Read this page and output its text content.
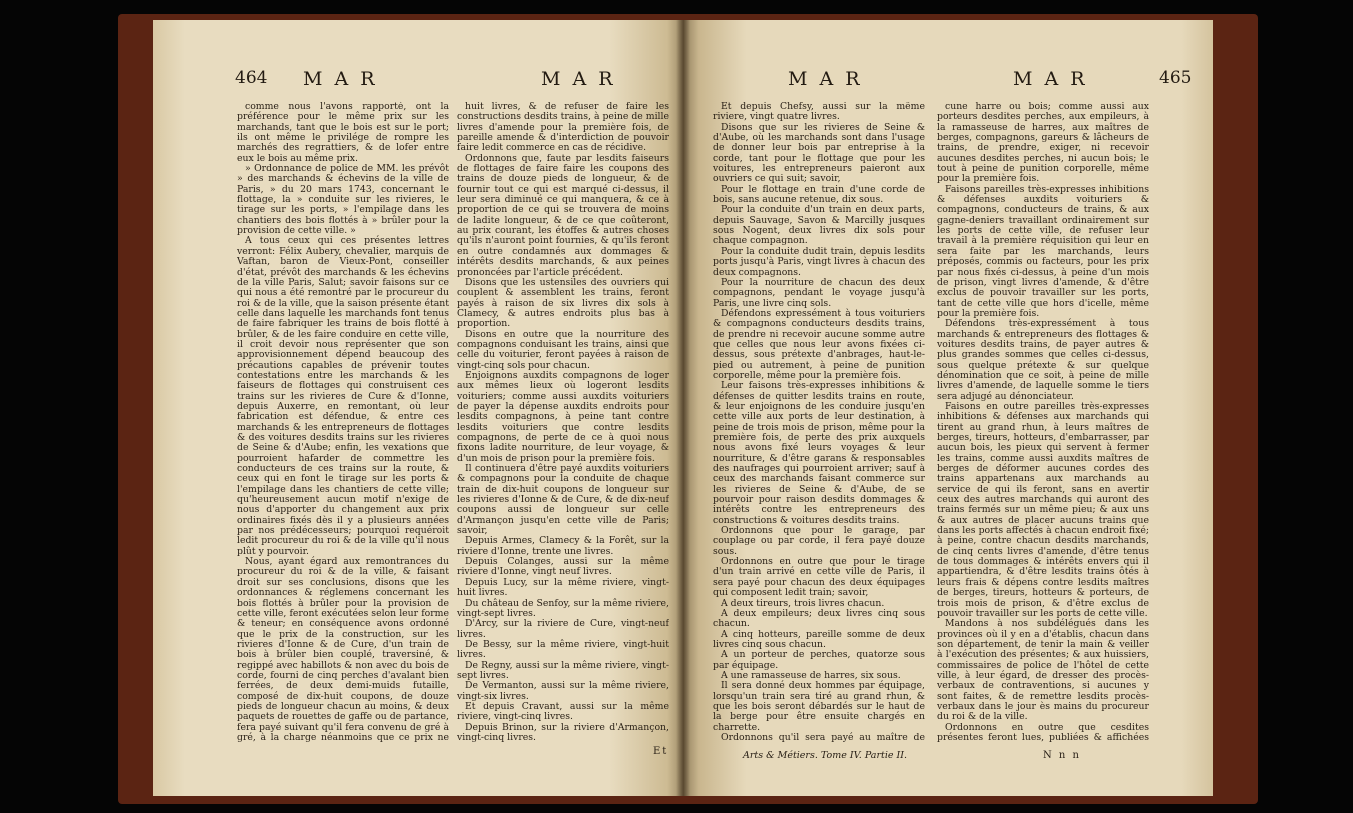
464 M A R	M A R

comme nous l'avons rapporté, ont la préférence pour le même prix sur les marchands, tant que le bois est sur le port; ils ont même le privilége de rompre les marchés des regrattiers, & de lofer entre eux le bois au même prix.

» Ordonnance de police de MM. les prévôt » des marchands & échevins de la ville de Paris, » du 20 mars 1743, concernant le flottage, la » conduite sur les rivieres, le tirage sur les ports, » l'empilage dans les chantiers des bois flottés à » brûler pour la provision de cette ville. »

A tous ceux qui ces présentes lettres verront: Félix Aubery, chevalier, marquis de Vaftan, baron de Vieux-Pont, conseiller d'état, prévôt des marchands & les échevins de la ville Paris, Salut; savoir faisons sur ce qui nous a été remontré par le procureur du roi & de la ville, que la saison présente étant celle dans laquelle les marchands font tenus de faire fabriquer les trains de bois flotté à brûler, & de les faire conduire en cette ville, il croit devoir nous représenter que son approvisionnement dépend beaucoup des précautions capables de prévenir toutes contestations entre les marchands & les faiseurs de flottages qui construisent ces trains sur les rivieres de Cure & d'Ionne, depuis Auxerre, en remontant, où leur fabrication est défendue, & entre ces marchands & les entrepreneurs de flottages & des voitures desdits trains sur les rivieres de Seine & d'Aube; enfin, les vexations que pourroient hafarder de commettre les conducteurs de ces trains sur la route, & ceux qui en font le tirage sur les ports & l'empilage dans les chantiers de cette ville; qu'heureusement aucun motif n'exige de nous d'apporter du changement aux prix ordinaires fixés dès il y a plusieurs années par nos prédécesseurs; pourquoi requéroit ledit procureur du roi & de la ville qu'il nous plût y pourvoir.

Nous, ayant égard aux remontrances du procureur du roi & de la ville, & faisant droit sur ses conclusions, disons que les ordonnances & réglemens concernant les bois flottés à brûler pour la provision de cette ville, feront exécutées selon leur forme & teneur; en conséquence avons ordonné que le prix de la construction, sur les rivieres d'Ionne & de Cure, d'un train de bois à brûler bien couplé, traversiné, & regippé avec habillots & non avec du bois de corde, fourni de cinq perches d'avalant bien ferrées, de deux demi-muids futaille, composé de dix-huit coupons, de douze pieds de longueur chacun au moins, & deux paquets de rouettes de gaffe ou de partance, fera payé suivant qu'il fera convenu de gré à gré, à la charge néanmoins que ce prix ne

huit livres, & de refuser de faire les constructions desdits trains, à peine de mille livres d'amende pour la première fois, de pareille amende & d'interdiction de pouvoir faire ledit commerce en cas de récidive.

Ordonnons que, faute par lesdits faiseurs de flottages de faire faire les coupons des trains de douze pieds de longueur, & de fournir tout ce qui est marqué ci-dessus, il leur sera diminué ce qui manquera, & ce à proportion de ce qui se trouvera de moins de ladite longueur, & de ce que coûteront, au prix courant, les étoffes & autres choses qu'ils n'auront point fournies, & qu'ils feront en outre condamnés aux dommages & intérêts desdits marchands, & aux peines prononcées par l'article précédent.

Disons que les ustensiles des ouvriers qui couplent & assemblent les trains, feront payés à raison de six livres dix sols à Clamecy, & autres endroits plus bas à proportion.

Disons en outre que la nourriture des compagnons conduisant les trains, ainsi que celle du voiturier, feront payées à raison de vingt-cinq sols pour chacun.

Enjoignons auxdits compagnons de loger aux mêmes lieux où logeront lesdits voituriers; comme aussi auxdits voituriers de payer la dépense auxdits endroits pour lesdits compagnons, à peine tant contre lesdits voituriers que contre lesdits compagnons, de perte de ce à quoi nous fixons ladite nourriture, de leur voyage, & d'un mois de prison pour la première fois.

Il continuera d'être payé auxdits voituriers & compagnons pour la conduite de chaque train de dix-huit coupons de longueur sur les rivieres d'Ionne & de Cure, & de dix-neuf coupons aussi de longueur sur celle d'Armançon jusqu'en cette ville de Paris; savoir,

Depuis Armes, Clamecy & la Forêt, sur la riviere d'Ionne, trente une livres.

Depuis Colanges, aussi sur la même riviere d'Ionne, vingt neuf livres.

Depuis Lucy, sur la même riviere, vingt-huit livres.

Du château de Senfoy, sur la même riviere, vingt-sept livres.

D'Arcy, sur la riviere de Cure, vingt-neuf livres.

De Bessy, sur la même riviere, vingt-huit livres.

De Regny, aussi sur la même riviere, vingt-sept livres.

De Vermanton, aussi sur la même riviere, vingt-six livres.

Et depuis Cravant, aussi sur la même riviere, vingt-cinq livres.

Depuis Brinon, sur la riviere d'Armançon, vingt-cinq livres.

Et
M A R	M A R	465

Et depuis Chefsy, aussi sur la même riviere, vingt quatre livres.

Disons que sur les rivieres de Seine & d'Aube, où les marchands sont dans l'usage de donner leur bois par entreprise à la corde, tant pour le flottage que pour les voitures, les entrepreneurs paieront aux ouvriers ce qui suit; savoir,

Pour le flottage en train d'une corde de bois, sans aucune retenue, dix sous.

Pour la conduite d'un train en deux parts, depuis Sauvage, Savon & Marcilly jusques sous Nogent, deux livres dix sols pour chaque compagnon.

Pour la conduite dudit train, depuis lesdits ports jusqu'à Paris, vingt livres à chacun des deux compagnons.

Pour la nourriture de chacun des deux compagnons, pendant le voyage jusqu'à Paris, une livre cinq sols.

Défendons expressément à tous voituriers & compagnons conducteurs desdits trains, de prendre ni recevoir aucune somme autre que celles que nous leur avons fixées ci-dessus, sous prétexte d'anbrages, haut-le-pied ou autrement, à peine de punition corporelle, même pour la première fois.

Leur faisons très-expresses inhibitions & défenses de quitter lesdits trains en route, & leur enjoignons de les conduire jusqu'en cette ville aux ports de leur destination, à peine de trois mois de prison, même pour la première fois, de perte des prix auxquels nous avons fixé leurs voyages & leur nourriture, & d'être garans & responsables des naufrages qui pourroient arriver; sauf à ceux des marchands faisant commerce sur les rivieres de Seine & d'Aube, de se pourvoir pour raison desdits dommages & intérêts contre les entrepreneurs des constructions & voitures desdits trains.

Ordonnons que pour le garage, par couplage ou par corde, il fera payé douze sous.

Ordonnons en outre que pour le tirage d'un train arrivé en cette ville de Paris, il sera payé pour chacun des deux équipages qui composent ledit train; savoir,

A deux tireurs, trois livres chacun.

A deux empileurs; deux livres cinq sous chacun.

A cinq hotteurs, pareille somme de deux livres cinq sous chacun.

A un porteur de perches, quatorze sous par équipage.

A une ramasseuse de harres, six sous.

Il sera donné deux hommes par équipage, lorsqu'un train sera tiré au grand rhun, & que les bois seront débardés sur le haut de la berge pour être ensuite chargés en charrette.

Ordonnons qu'il sera payé au maître de

cune harre ou bois; comme aussi aux porteurs desdites perches, aux empileurs, à la ramasseuse de harres, aux maîtres de berges, compagnons, gareurs & lâcheurs de trains, de prendre, exiger, ni recevoir aucunes desdites perches, ni aucun bois; le tout à peine de punition corporelle, même pour la première fois.

Faisons pareilles très-expresses inhibitions & défenses auxdits voituriers & compagnons, conducteurs de trains, & aux gagne-deniers travaillant ordinairement sur les ports de cette ville, de refuser leur travail à la première réquisition qui leur en sera faite par les marchands, leurs préposés, commis ou facteurs, pour les prix par nous fixés ci-dessus, à peine d'un mois de prison, vingt livres d'amende, & d'être exclus de pouvoir travailler sur les ports, tant de cette ville que hors d'icelle, même pour la première fois.

Défendons très-expressément à tous marchands & entrepreneurs des flottages & voitures desdits trains, de payer autres & plus grandes sommes que celles ci-dessus, sous quelque prétexte & sur quelque dénomination que ce soit, à peine de mille livres d'amende, de laquelle somme le tiers sera adjugé au dénonciateur.

Faisons en outre pareilles très-expresses inhibitions & défenses aux marchands qui tirent au grand rhun, à leurs maîtres de berges, tireurs, hotteurs, d'embarrasser, par aucun bois, les pieux qui servent à fermer les trains, comme aussi auxdits maîtres de berges de déformer aucunes cordes des trains appartenans aux marchands au service de qui ils feront, sans en avertir ceux des autres marchands qui auront des trains fermés sur un même pieu; & aux uns & aux autres de placer aucuns trains que dans les ports affectés à chacun endroit fixé; à peine, contre chacun desdits marchands, de cinq cents livres d'amende, d'être tenus de tous dommages & intérêts envers qui il appartiendra, & d'être lesdits trains ôtés à leurs frais & dépens contre lesdits maîtres de berges, tireurs, hotteurs & porteurs, de trois mois de prison, & d'être exclus de pouvoir travailler sur les ports de cette ville.

Mandons à nos subdélégués dans les provinces où il y en a d'établis, chacun dans son département, de tenir la main & veiller à l'exécution des présentes; & aux huissiers, commissaires de police de l'hôtel de cette ville, à leur égard, de dresser des procès-verbaux de contraventions, si aucunes y sont faites, & de remettre lesdits procès-verbaux dans le jour ès mains du procureur du roi & de la ville.

Ordonnons en outre que cesdites présentes feront lues, publiées & affichées

Arts & Métiers. Tome IV. Partie II.	N n n
